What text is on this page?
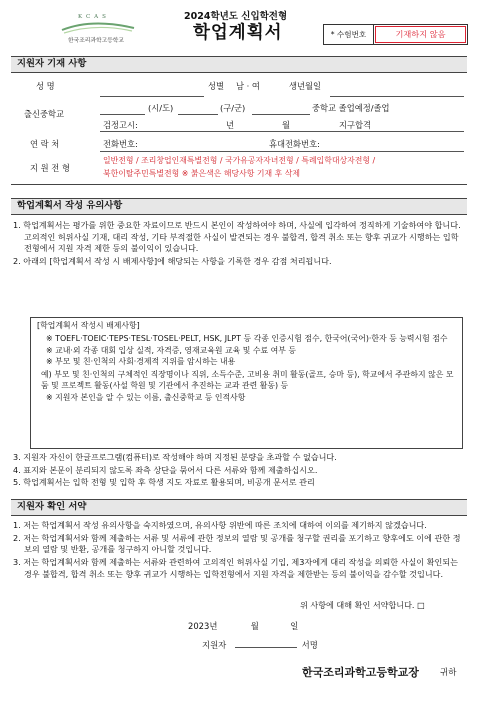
KCAS
한국조리과학고등학교
2024학년도 신입학전형
학업계획서	* 수험번호	기재하지 않음
지원자 기재 사항
성 명	성별 남 · 여	생년월일
출신중학교
(시/도)	(구/군)	중학교 졸업예정/졸업
검정고시:	년	월	지구합격
연 락 처	전화번호:	휴대전화번호:
지 원 전 형
일반전형 / 조리창업인재특별전형 / 국가유공자자녀전형 / 특례입학대상자전형 /
북한이탈주민특별전형 ※ 붉은색은 해당사항 기재 후 삭제
학업계획서 작성 유의사항
1. 학업계획서는 평가를 위한 중요한 자료이므로 반드시 본인이 작성하여야 하며, 사실에 입각하여 정직하게 기술하여야 합니다. 고의적인 허위사실 기재, 대리 작성, 기타 부적절한 사실이 발견되는 경우 불합격, 합격 취소 또는 향후 귀교가 시행하는 입학전형에서 지원 자격 제한 등의 불이익이 있습니다.
2. 아래의 [학업계획서 작성 시 배제사항]에 해당되는 사항을 기록한 경우 감점 처리됩니다.
[학업계획서 작성시 배제사항]
※ TOEFL·TOEIC·TEPS·TESL·TOSEL·PELT, HSK, JLPT 등 각종 인증시험 점수, 한국어(국어)·한자 등 능력시험 점수
※ 교내·외 각종 대회 입상 실적, 자격증, 영재교육원 교육 및 수료 여부 등
※ 부모 및 친·인척의 사회·경제적 지위를 암시하는 내용
예) 부모 및 친·인척의 구체적인 직장명이나 직위, 소득수준, 고비용 취미 활동(골프, 승마 등), 학교에서 주관하지 않은 모둠 및 프로젝트 활동(사설 학원 및 기관에서 추진하는 교과 관련 활동) 등
※ 지원자 본인을 알 수 있는 이름, 출신중학교 등 인적사항
3. 지원자 자신이 한글프로그램(컴퓨터)로 작성해야 하며 지정된 분량을 초과할 수 없습니다.
4. 표지와 본문이 분리되지 않도록 좌측 상단을 묶어서 다른 서류와 함께 제출하십시오.
5. 학업계획서는 입학 전형 및 입학 후 학생 지도 자료로 활용되며, 비공개 문서로 관리
지원자 확인 서약
1. 저는 학업계획서 작성 유의사항을 숙지하였으며, 유의사항 위반에 따른 조치에 대하여 이의를 제기하지 않겠습니다.
2. 저는 학업계획서와 함께 제출하는 서류 및 서류에 관한 정보의 열람 및 공개를 청구할 권리를 포기하고 향후에도 이에 관한 정보의 열람 및 반환, 공개를 청구하지 아니할 것입니다.
3. 저는 학업계획서와 함께 제출하는 서류와 관련하여 고의적인 허위사실 기입, 제3자에게 대리 작성을 의뢰한 사실이 확인되는 경우 불합격, 합격 취소 또는 향후 귀교가 시행하는 입학전형에서 지원 자격을 제한받는 등의 불이익을 감수할 것입니다.
위 사항에 대해 확인 서약합니다. □
2023년	월	일
지원자	서명
한국조리과학고등학교장 귀하
